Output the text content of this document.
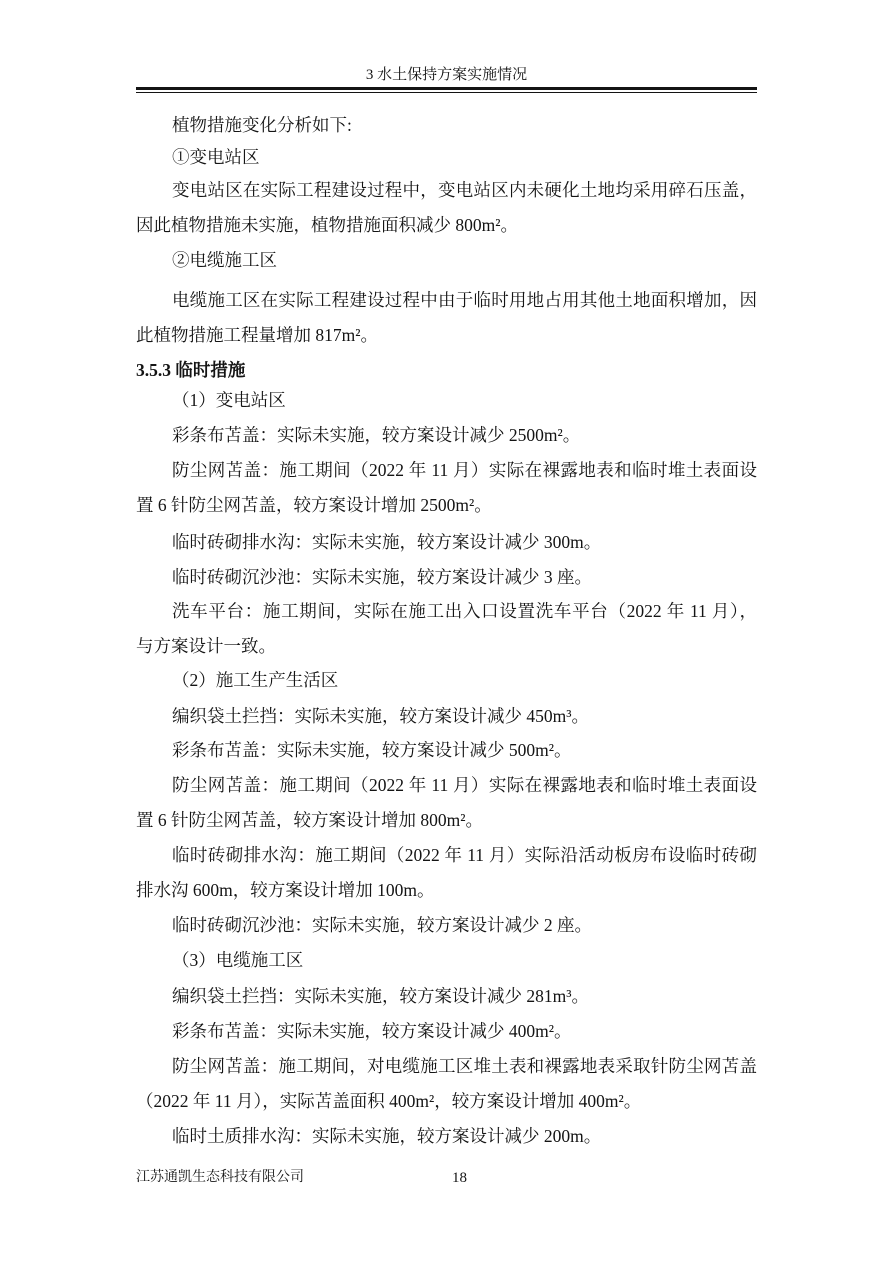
3 水土保持方案实施情况
植物措施变化分析如下:
①变电站区
变电站区在实际工程建设过程中，变电站区内未硬化土地均采用碎石压盖，
因此植物措施未实施，植物措施面积减少 800m²。
②电缆施工区
电缆施工区在实际工程建设过程中由于临时用地占用其他土地面积增加，因
此植物措施工程量增加 817m²。
3.5.3 临时措施
（1）变电站区
彩条布苫盖：实际未实施，较方案设计减少 2500m²。
防尘网苫盖：施工期间（2022 年 11 月）实际在裸露地表和临时堆土表面设
置 6 针防尘网苫盖，较方案设计增加 2500m²。
临时砖砌排水沟：实际未实施，较方案设计减少 300m。
临时砖砌沉沙池：实际未实施，较方案设计减少 3 座。
洗车平台：施工期间，实际在施工出入口设置洗车平台（2022 年 11 月），
与方案设计一致。
（2）施工生产生活区
编织袋土拦挡：实际未实施，较方案设计减少 450m³。
彩条布苫盖：实际未实施，较方案设计减少 500m²。
防尘网苫盖：施工期间（2022 年 11 月）实际在裸露地表和临时堆土表面设
置 6 针防尘网苫盖，较方案设计增加 800m²。
临时砖砌排水沟：施工期间（2022 年 11 月）实际沿活动板房布设临时砖砌
排水沟 600m，较方案设计增加 100m。
临时砖砌沉沙池：实际未实施，较方案设计减少 2 座。
（3）电缆施工区
编织袋土拦挡：实际未实施，较方案设计减少 281m³。
彩条布苫盖：实际未实施，较方案设计减少 400m²。
防尘网苫盖：施工期间，对电缆施工区堆土表和裸露地表采取针防尘网苫盖
（2022 年 11 月），实际苫盖面积 400m²，较方案设计增加 400m²。
临时土质排水沟：实际未实施，较方案设计减少 200m。
江苏通凯生态科技有限公司	18
